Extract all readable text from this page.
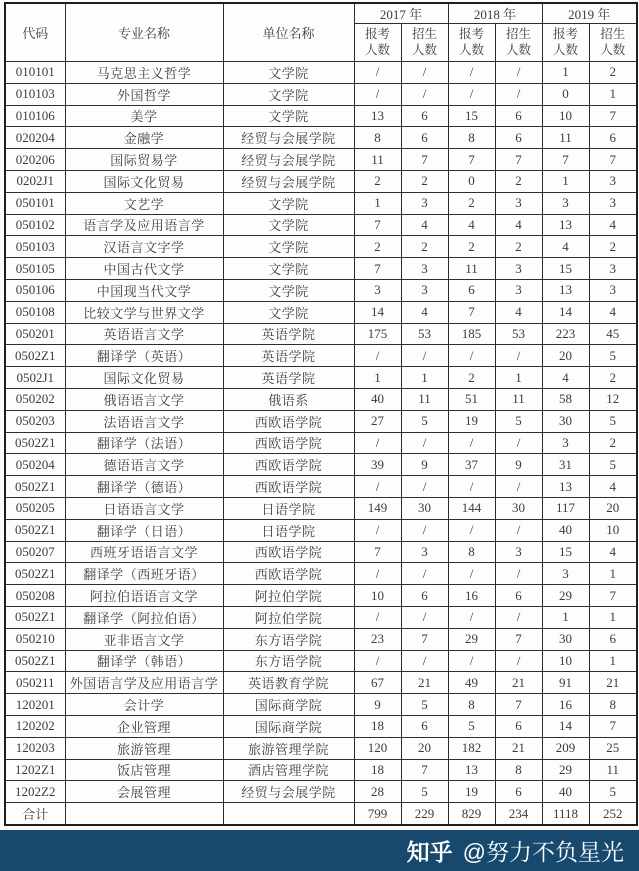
代码	专业名称	单位名称	2017 年		2018 年		2019 年	
			报考人数	招生人数	报考人数	招生人数	报考人数	招生人数
010101	马克思主义哲学	文学院	/	/	/	/	1	2
010103	外国哲学	文学院	/	/	/	/	0	1
010106	美学	文学院	13	6	15	6	10	7
020204	金融学	经贸与会展学院	8	6	8	6	11	6
020206	国际贸易学	经贸与会展学院	11	7	7	7	7	7
0202J1	国际文化贸易	经贸与会展学院	2	2	0	2	1	3
050101	文艺学	文学院	1	3	2	3	3	3
050102	语言学及应用语言学	文学院	7	4	4	4	13	4
050103	汉语言文字学	文学院	2	2	2	2	4	2
050105	中国古代文学	文学院	7	3	11	3	15	3
050106	中国现当代文学	文学院	3	3	6	3	13	3
050108	比较文学与世界文学	文学院	14	4	7	4	14	4
050201	英语语言文学	英语学院	175	53	185	53	223	45
0502Z1	翻译学（英语）	英语学院	/	/	/	/	20	5
0502J1	国际文化贸易	英语学院	1	1	2	1	4	2
050202	俄语语言文学	俄语系	40	11	51	11	58	12
050203	法语语言文学	西欧语学院	27	5	19	5	30	5
0502Z1	翻译学（法语）	西欧语学院	/	/	/	/	3	2
050204	德语语言文学	西欧语学院	39	9	37	9	31	5
0502Z1	翻译学（德语）	西欧语学院	/	/	/	/	13	4
050205	日语语言文学	日语学院	149	30	144	30	117	20
0502Z1	翻译学（日语）	日语学院	/	/	/	/	40	10
050207	西班牙语语言文学	西欧语学院	7	3	8	3	15	4
0502Z1	翻译学（西班牙语）	西欧语学院	/	/	/	/	3	1
050208	阿拉伯语语言文学	阿拉伯学院	10	6	16	6	29	7
0502Z1	翻译学（阿拉伯语）	阿拉伯学院	/	/	/	/	1	1
050210	亚非语言文学	东方语学院	23	7	29	7	30	6
0502Z1	翻译学（韩语）	东方语学院	/	/	/	/	10	1
050211	外国语言学及应用语言学	英语教育学院	67	21	49	21	91	21
120201	会计学	国际商学院	9	5	8	7	16	8
120202	企业管理	国际商学院	18	6	5	6	14	7
120203	旅游管理	旅游管理学院	120	20	182	21	209	25
1202Z1	饭店管理	酒店管理学院	18	7	13	8	29	11
1202Z2	会展管理	经贸与会展学院	28	5	19	6	40	5
合计			799	229	829	234	1118	252
知乎 @努力不负星光
